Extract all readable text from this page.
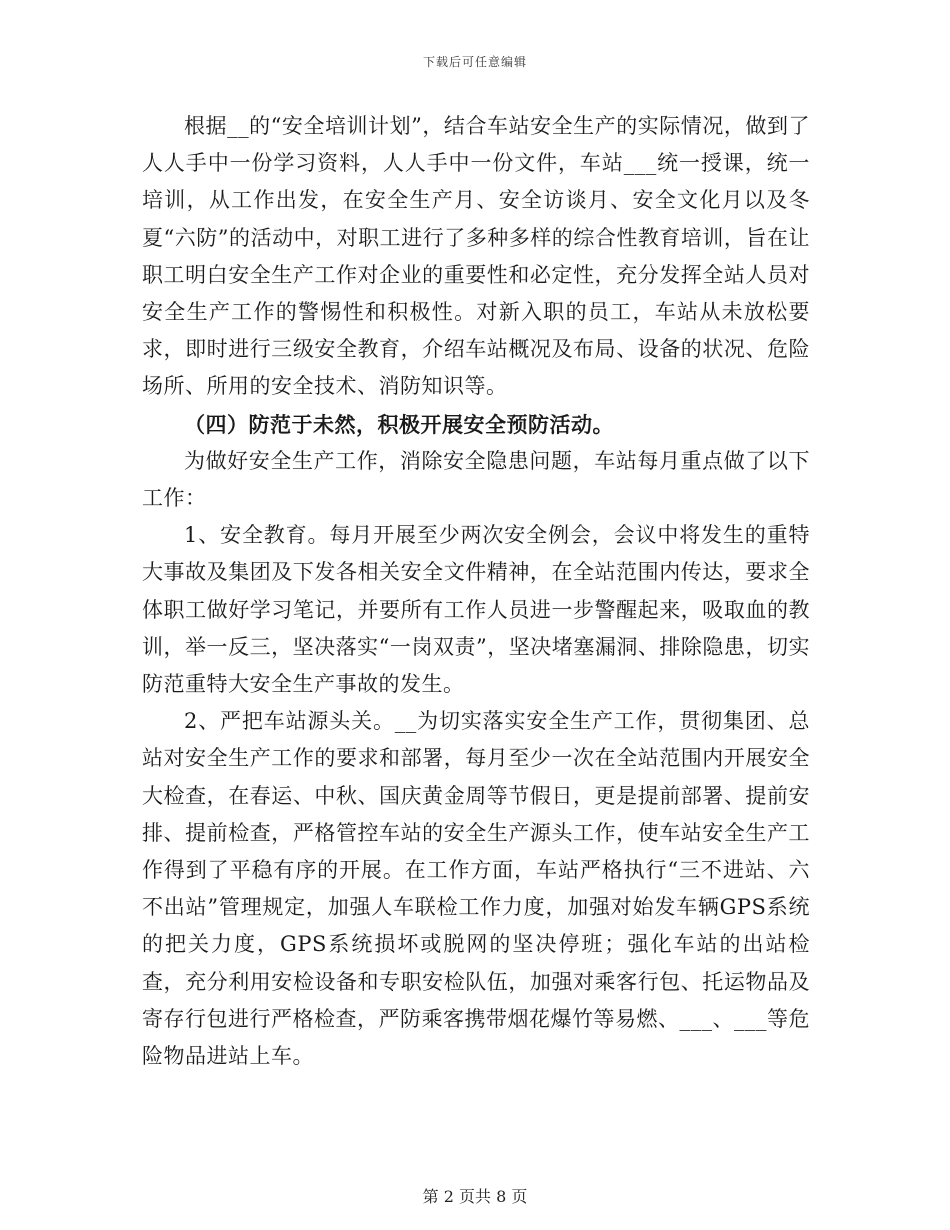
下载后可任意编辑

根据__的“安全培训计划”，结合车站安全生产的实际情况，做到了人人手中一份学习资料，人人手中一份文件，车站___统一授课，统一培训，从工作出发，在安全生产月、安全访谈月、安全文化月以及冬夏“六防”的活动中，对职工进行了多种多样的综合性教育培训，旨在让职工明白安全生产工作对企业的重要性和必定性，充分发挥全站人员对安全生产工作的警惕性和积极性。对新入职的员工，车站从未放松要求，即时进行三级安全教育，介绍车站概况及布局、设备的状况、危险场所、所用的安全技术、消防知识等。

（四）防范于未然，积极开展安全预防活动。

为做好安全生产工作，消除安全隐患问题，车站每月重点做了以下工作：

1、安全教育。每月开展至少两次安全例会，会议中将发生的重特大事故及集团及下发各相关安全文件精神，在全站范围内传达，要求全体职工做好学习笔记，并要所有工作人员进一步警醒起来，吸取血的教训，举一反三，坚决落实“一岗双责”，坚决堵塞漏洞、排除隐患，切实防范重特大安全生产事故的发生。

2、严把车站源头关。__为切实落实安全生产工作，贯彻集团、总站对安全生产工作的要求和部署，每月至少一次在全站范围内开展安全大检查，在春运、中秋、国庆黄金周等节假日，更是提前部署、提前安排、提前检查，严格管控车站的安全生产源头工作，使车站安全生产工作得到了平稳有序的开展。在工作方面，车站严格执行“三不进站、六不出站”管理规定，加强人车联检工作力度，加强对始发车辆GPS系统的把关力度，GPS系统损坏或脱网的坚决停班；强化车站的出站检查，充分利用安检设备和专职安检队伍，加强对乘客行包、托运物品及寄存行包进行严格检查，严防乘客携带烟花爆竹等易燃、___、___等危险物品进站上车。

第 2 页共 8 页
